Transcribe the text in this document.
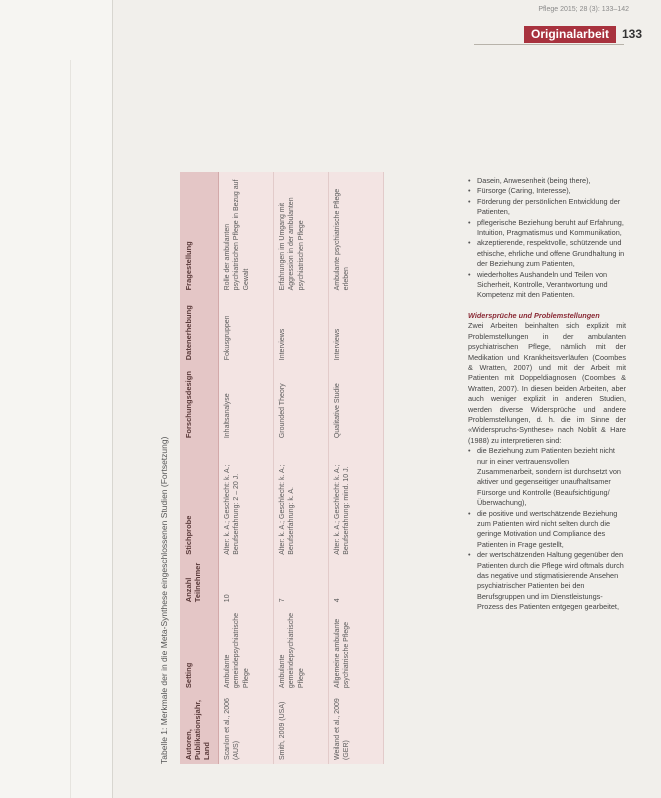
Pflege 2015; 28 (3): 133–142
Originalarbeit	133
Tabelle 1: Merkmale der in die Meta-Synthese eingeschlossenen Studien (Fortsetzung)	Autoren, Publikationsjahr, Land	Setting	Anzahl Teilnehmer	Stichprobe	Forschungsdesign	Datenerhebung	Fragestellung
Scanlon et al., 2006 (AUS)	Ambulante gemeindepsychiatrische Pflege	10	Alter: k. A.; Geschlecht: k. A.; Berufserfahrung: 2 – 20 J.	Inhaltsanalyse	Fokusgruppen	Rolle der ambulanten psychiatrischen Pflege in Bezug auf Gewalt
Smith, 2009 (USA)	Ambulante gemeindepsychiatrische Pflege	7	Alter: k. A.; Geschlecht: k. A.; Berufserfahrung: k. A.	Grounded Theory	Interviews	Erfahrungen im Umgang mit Aggression in der ambulanten psychiatrischen Pflege
Weiland et al., 2009 (GER)	Allgemeine ambulante psychiatrische Pflege	4	Alter: k. A.; Geschlecht: k. A.; Berufserfahrung: mind. 10 J.	Qualitative Studie	Interviews	Ambulante psychiatrische Pflege erleben
• Dasein, Anwesenheit (being there),
• Fürsorge (Caring, Interesse),
• Förderung der persönlichen Entwicklung der Patienten,
• pflegerische Beziehung beruht auf Erfahrung, Intuition, Pragmatismus und Kommunikation,
• akzeptierende, respektvolle, schützende und ethische, ehrliche und offene Grundhaltung in der Beziehung zum Patienten,
• wiederholtes Aushandeln und Teilen von Sicherheit, Kontrolle, Verantwortung und Kompetenz mit den Patienten.
Widersprüche und Problemstellungen
Zwei Arbeiten beinhalten sich explizit mit Problemstellungen in der ambulanten psychiatrischen Pflege, nämlich mit der Medikation und Krankheitsverläufen (Coombes & Wratten, 2007) und mit der Arbeit mit Patienten mit Doppeldiagnosen (Coombes & Wratten, 2007). In diesen beiden Arbeiten, aber auch weniger explizit in anderen Studien, werden diverse Widersprüche und andere Problemstellungen, d. h. die im Sinne der «Widerspruchs-Synthese» nach Noblit & Hare (1988) zu interpretieren sind:
• die Beziehung zum Patienten bezieht nicht nur in einer vertrauensvollen Zusammenarbeit, sondern ist durchsetzt von aktiver und gegenseitiger unaufhaltsamer Fürsorge und Kontrolle (Beaufsichtigung/Überwachung),
• die positive und wertschätzende Beziehung zum Patienten wird nicht selten durch die geringe Motivation und Compliance des Patienten in Frage gestellt,
• der wertschätzenden Haltung gegenüber den Patienten durch die Pflege wird oftmals durch das negative und stigmatisierende Ansehen psychiatrischer Patienten bei den Berufsgruppen und im Dienstleistungs-Prozess des Patienten entgegen gearbeitet,
